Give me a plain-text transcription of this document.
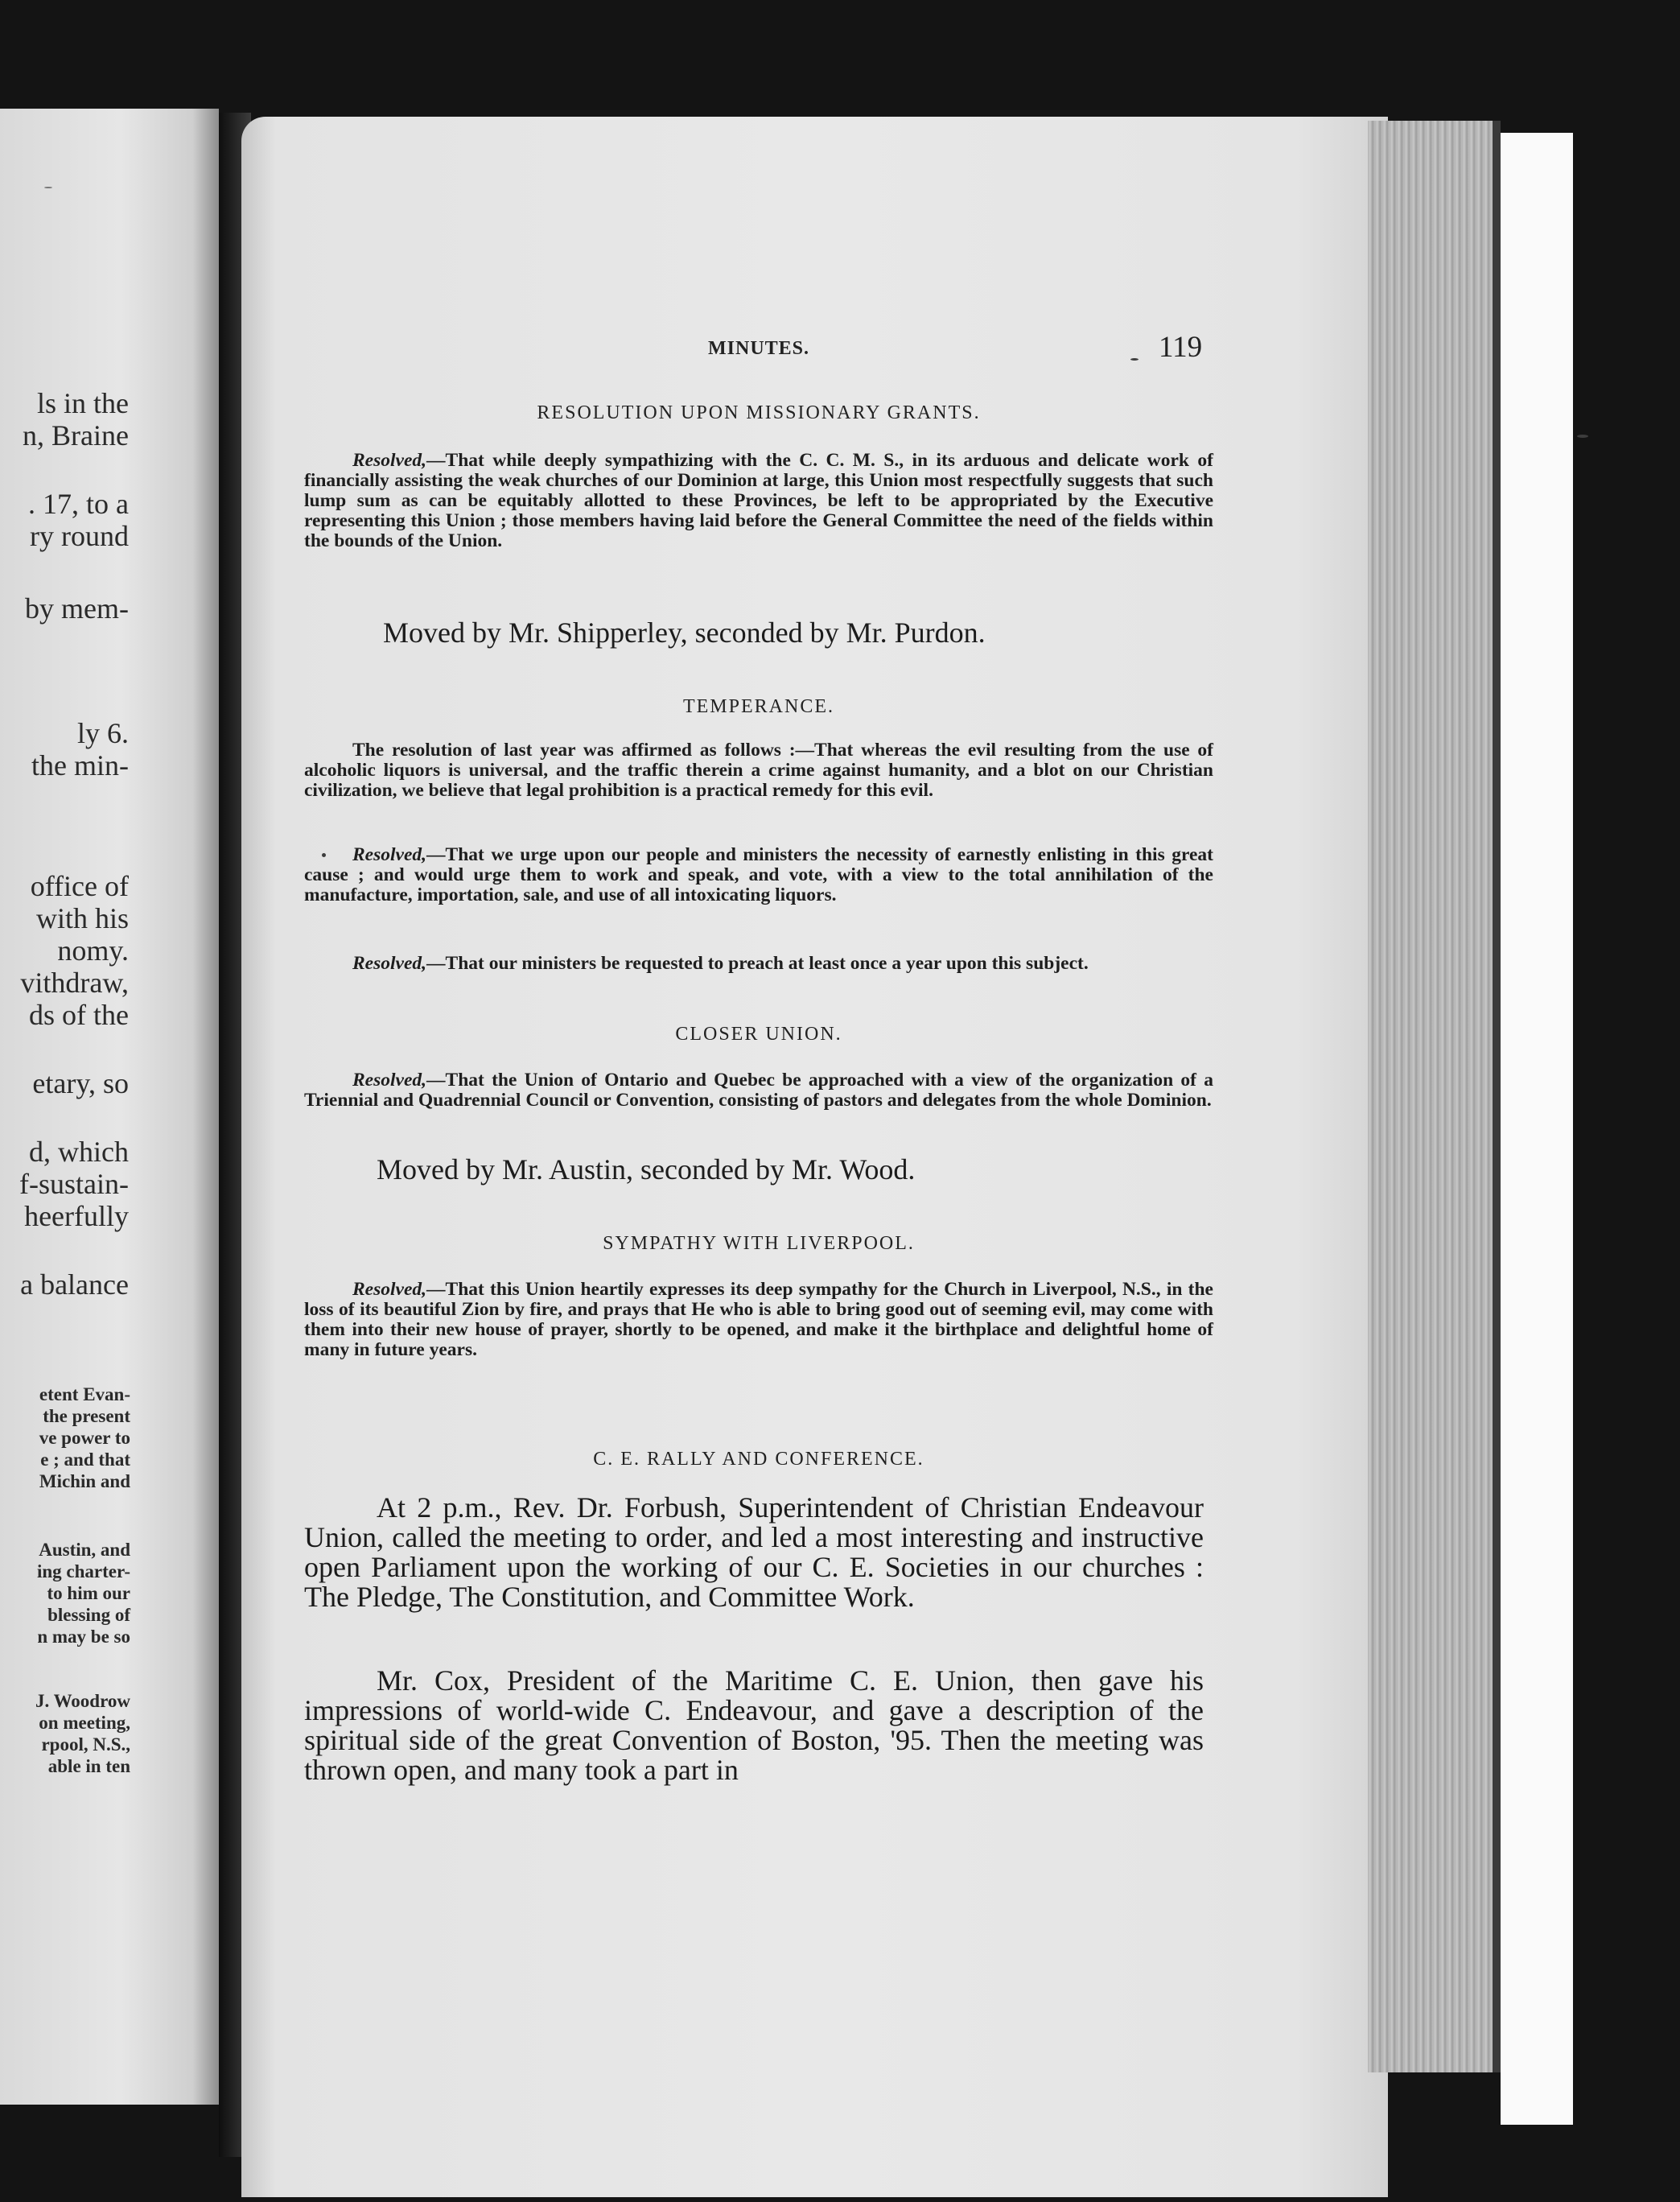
ls in the
n, Braine
. 17, to a
ry round
by mem-
ly 6.
the min-
office of
with his
nomy.
vithdraw,
ds of the
etary, so
d, which
f-sustain-
heerfully
a balance
etent Evan-
the present
ve power to
e ; and that
Michin and
Austin, and
ing charter-
to him our
blessing of
n may be so
J. Woodrow
on meeting,
rpool, N.S.,
able in ten
MINUTES.	119
RESOLUTION UPON MISSIONARY GRANTS.
Resolved,—That while deeply sympathizing with the C. C. M. S., in its arduous and delicate work of financially assisting the weak churches of our Dominion at large, this Union most respectfully suggests that such lump sum as can be equitably allotted to these Provinces, be left to be appropriated by the Executive representing this Union ; those members having laid before the General Committee the need of the fields within the bounds of the Union.
Moved by Mr. Shipperley, seconded by Mr. Purdon.
TEMPERANCE.
The resolution of last year was affirmed as follows :—That whereas the evil resulting from the use of alcoholic liquors is universal, and the traffic therein a crime against humanity, and a blot on our Christian civilization, we believe that legal prohibition is a practical remedy for this evil.
Resolved,—That we urge upon our people and ministers the necessity of earnestly enlisting in this great cause ; and would urge them to work and speak, and vote, with a view to the total annihilation of the manufacture, importation, sale, and use of all intoxicating liquors.
Resolved,—That our ministers be requested to preach at least once a year upon this subject.
CLOSER UNION.
Resolved,—That the Union of Ontario and Quebec be approached with a view of the organization of a Triennial and Quadrennial Council or Convention, consisting of pastors and delegates from the whole Dominion.
Moved by Mr. Austin, seconded by Mr. Wood.
SYMPATHY WITH LIVERPOOL.
Resolved,—That this Union heartily expresses its deep sympathy for the Church in Liverpool, N.S., in the loss of its beautiful Zion by fire, and prays that He who is able to bring good out of seeming evil, may come with them into their new house of prayer, shortly to be opened, and make it the birthplace and delightful home of many in future years.
C. E. RALLY AND CONFERENCE.
At 2 p.m., Rev. Dr. Forbush, Superintendent of Christian Endeavour Union, called the meeting to order, and led a most interesting and instructive open Parliament upon the working of our C. E. Societies in our churches : The Pledge, The Constitution, and Committee Work.
Mr. Cox, President of the Maritime C. E. Union, then gave his impressions of world-wide C. Endeavour, and gave a description of the spiritual side of the great Convention of Boston, '95. Then the meeting was thrown open, and many took a part in
